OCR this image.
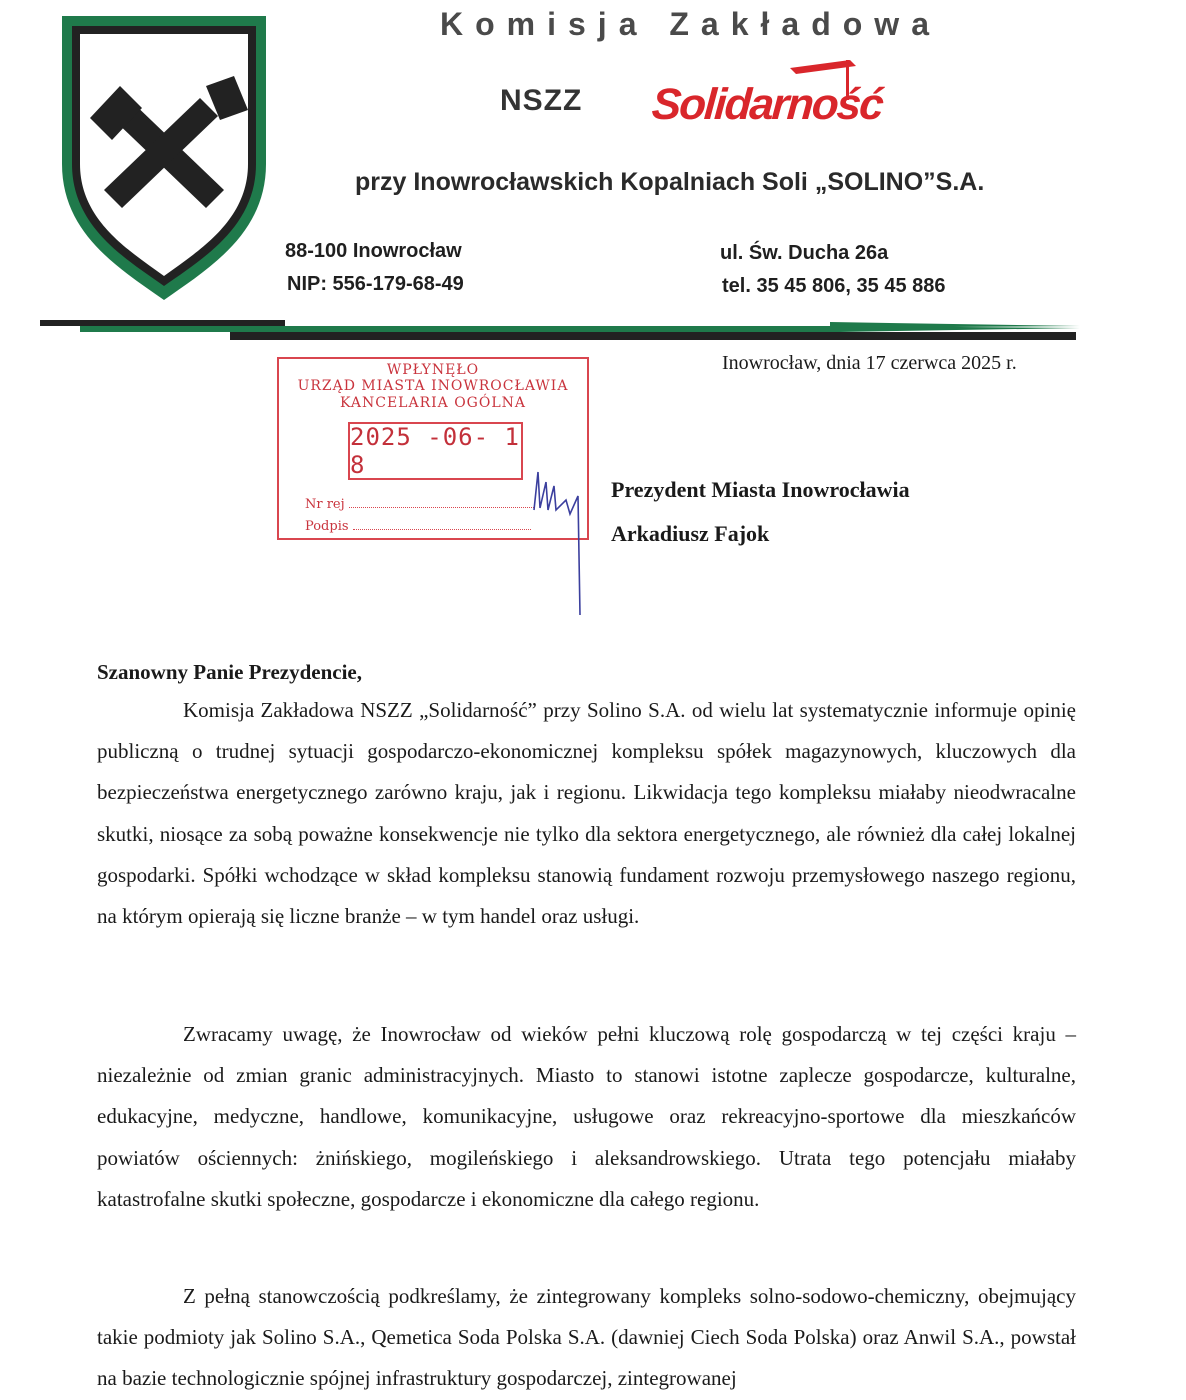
Komisja Zakładowa
NSZZ Solidarność
przy Inowrocławskich Kopalniach Soli „SOLINO”S.A.
88-100 Inowrocław
NIP: 556-179-68-49
ul. Św. Ducha 26a
tel. 35 45 806, 35 45 886
Inowrocław, dnia 17 czerwca 2025 r.
WPŁYNĘŁO
URZĄD MIASTA INOWROCŁAWIA
KANCELARIA OGÓLNA
2025 -06- 1 8
Nr rej
Podpis
Prezydent Miasta Inowrocławia
Arkadiusz Fajok
Szanowny Panie Prezydencie,

Komisja Zakładowa NSZZ „Solidarność” przy Solino S.A. od wielu lat systematycznie informuje opinię publiczną o trudnej sytuacji gospodarczo-ekonomicznej kompleksu spółek magazynowych, kluczowych dla bezpieczeństwa energetycznego zarówno kraju, jak i regionu. Likwidacja tego kompleksu miałaby nieodwracalne skutki, niosące za sobą poważne konsekwencje nie tylko dla sektora energetycznego, ale również dla całej lokalnej gospodarki. Spółki wchodzące w skład kompleksu stanowią fundament rozwoju przemysłowego naszego regionu, na którym opierają się liczne branże – w tym handel oraz usługi.

Zwracamy uwagę, że Inowrocław od wieków pełni kluczową rolę gospodarczą w tej części kraju – niezależnie od zmian granic administracyjnych. Miasto to stanowi istotne zaplecze gospodarcze, kulturalne, edukacyjne, medyczne, handlowe, komunikacyjne, usługowe oraz rekreacyjno-sportowe dla mieszkańców powiatów ościennych: żnińskiego, mogileńskiego i aleksandrowskiego. Utrata tego potencjału miałaby katastrofalne skutki społeczne, gospodarcze i ekonomiczne dla całego regionu.

Z pełną stanowczością podkreślamy, że zintegrowany kompleks solno-sodowo-chemiczny, obejmujący takie podmioty jak Solino S.A., Qemetica Soda Polska S.A. (dawniej Ciech Soda Polska) oraz Anwil S.A., powstał na bazie technologicznie spójnej infrastruktury gospodarczej, zintegrowanej
